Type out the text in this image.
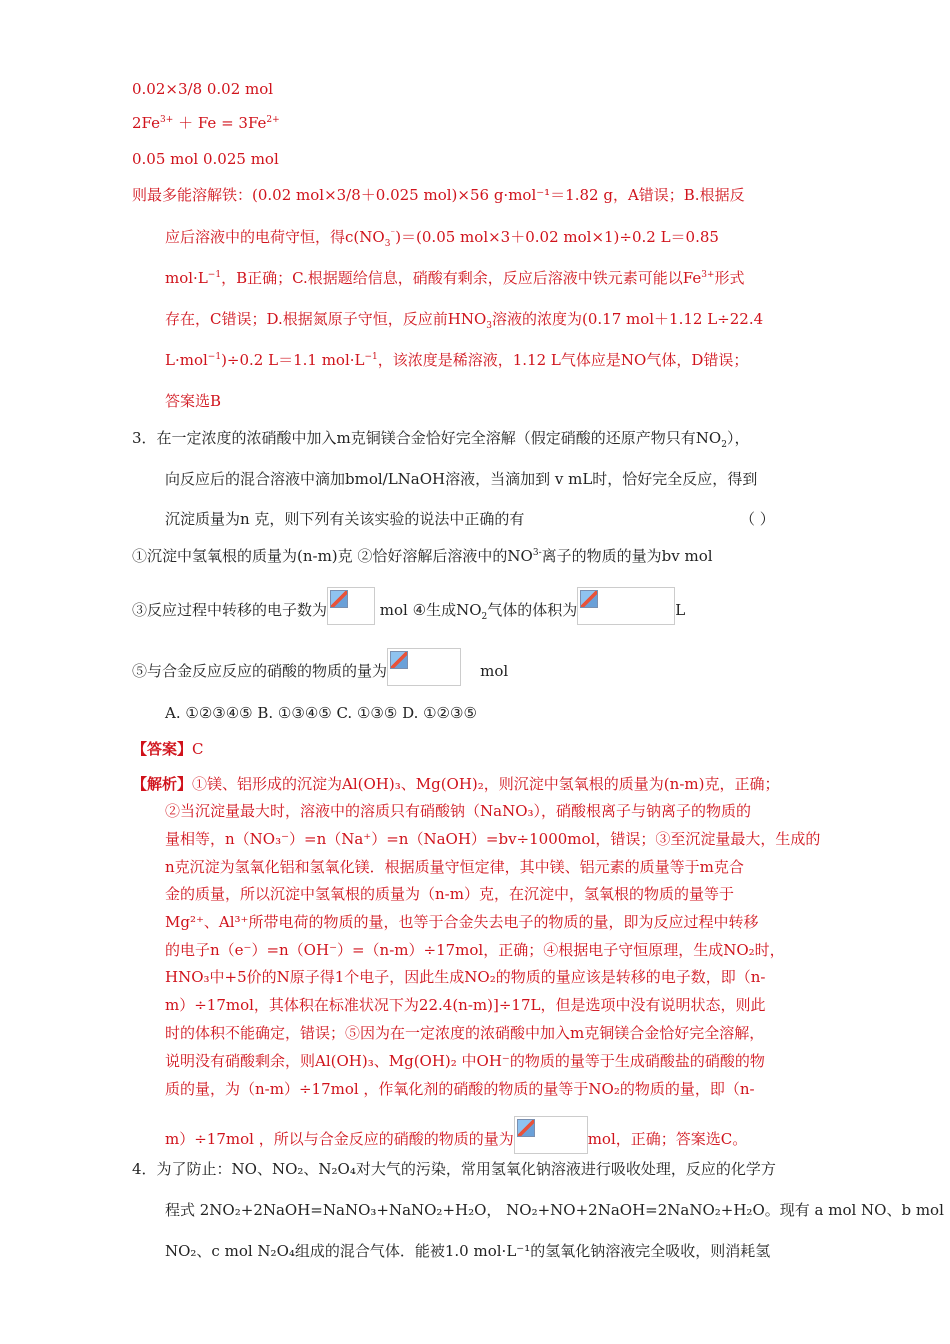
0.02×3/8 0.02 mol
$2Fe^{3+} + Fe = 3Fe^{2+}$
0.05 mol 0.025 mol
则最多能溶解铁：(0.02 mol×3/8＋0.025 mol)×56 g·mol⁻¹＝1.82 g，A错误；B.根据反
应后溶液中的电荷守恒，得$c(NO_3^{^-})=(0.05$ mol×3＋0.02 mol×1)÷0.2 L＝0.85
$mol\cdot L^{-1}$，B正确；C.根据题给信息，硝酸有剩余，反应后溶液中铁元素可能以$Fe^{3+}$形式
存在，C错误；D.根据氮原子守恒，反应前$HNO_3$溶液的浓度为(0.17 mol＋1.12 L÷22.4
L·mol$^{-1}$)÷0.2 L＝1.1 $mol\cdot L^{-1}$，该浓度是稀溶液，1.12 L气体应是NO气体，D错误；
答案选B
3．在一定浓度的浓硝酸中加入m克铜镁合金恰好完全溶解（假定硝酸的还原产物只有$NO_2$），
向反应后的混合溶液中滴加bmol/LNaOH溶液，当滴加到 v mL时，恰好完全反应，得到
沉淀质量为n 克，则下列有关该实验的说法中正确的有	（ ）
①沉淀中氢氧根的质量为(n-m)克 ②恰好溶解后溶液中的$NO^{3-}$离子的物质的量为bv mol
③反应过程中转移的电子数为	mol ④生成$NO_2$气体的体积为	L
⑤与合金反应反应的硝酸的物质的量为	mol
A. ①②③④⑤ B. ①③④⑤ C. ①③⑤ D. ①②③⑤
【答案】C
【解析】①镁、铝形成的沉淀为Al(OH)₃、Mg(OH)₂，则沉淀中氢氧根的质量为(n-m)克，正确；
②当沉淀量最大时，溶液中的溶质只有硝酸钠（NaNO₃），硝酸根离子与钠离子的物质的
量相等，n（NO₃⁻）=n（Na⁺）=n（NaOH）=bv÷1000mol，错误；③至沉淀量最大，生成的
n克沉淀为氢氧化铝和氢氧化镁．根据质量守恒定律，其中镁、铝元素的质量等于m克合
金的质量，所以沉淀中氢氧根的质量为（n-m）克，在沉淀中，氢氧根的物质的量等于
Mg²⁺、Al³⁺所带电荷的物质的量，也等于合金失去电子的物质的量，即为反应过程中转移
的电子n（e⁻）=n（OH⁻）=（n-m）÷17mol，正确；④根据电子守恒原理，生成NO₂时，
HNO₃中+5价的N原子得1个电子，因此生成NO₂的物质的量应该是转移的电子数，即（n-
m）÷17mol，其体积在标准状况下为22.4(n-m)]÷17L，但是选项中没有说明状态，则此
时的体积不能确定，错误；⑤因为在一定浓度的浓硝酸中加入m克铜镁合金恰好完全溶解，
说明没有硝酸剩余，则Al(OH)₃、Mg(OH)₂ 中OH⁻的物质的量等于生成硝酸盐的硝酸的物
质的量，为（n-m）÷17mol ，作氧化剂的硝酸的物质的量等于NO₂的物质的量，即（n-
m）÷17mol ，所以与合金反应的硝酸的物质的量为	mol，正确；答案选C。
4．为了防止：NO、NO₂、N₂O₄对大气的污染，常用氢氧化钠溶液进行吸收处理，反应的化学方
程式 2NO₂+2NaOH=NaNO₃+NaNO₂+H₂O， NO₂+NO+2NaOH=2NaNO₂+H₂O。现有 a mol NO、b mol
NO₂、c mol N₂O₄组成的混合气体．能被1.0 mol·L⁻¹的氢氧化钠溶液完全吸收，则消耗氢
